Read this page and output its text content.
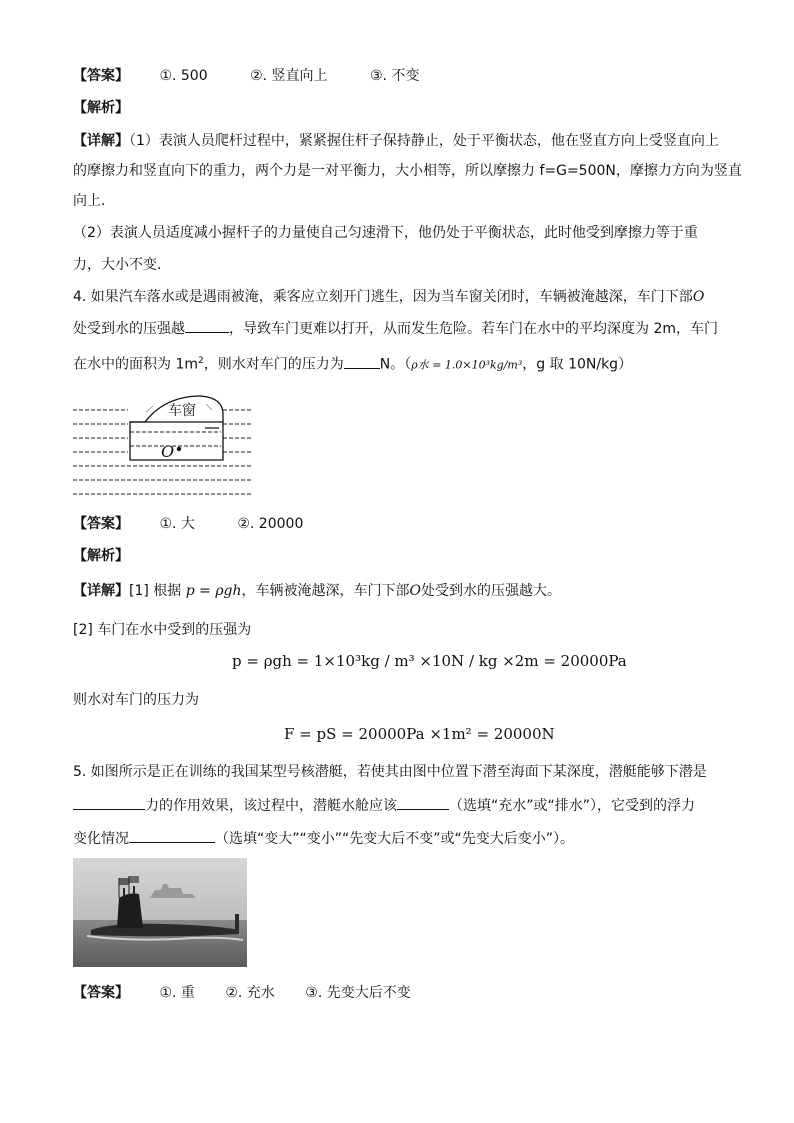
【答案】 ①. 500	②. 竖直向上	③. 不变
【解析】
【详解】（1）表演人员爬杆过程中，紧紧握住杆子保持静止，处于平衡状态，他在竖直方向上受竖直向上
的摩擦力和竖直向下的重力，两个力是一对平衡力，大小相等，所以摩擦力 f=G=500N，摩擦力方向为竖直
向上．
（2）表演人员适度减小握杆子的力量使自己匀速滑下，他仍处于平衡状态，此时他受到摩擦力等于重
力，大小不变．
4. 如果汽车落水或是遇雨被淹，乘客应立刻开门逃生，因为当车窗关闭时，车辆被淹越深，车门下部O
处受到水的压强越	，导致车门更难以打开，从而发生危险。若车门在水中的平均深度为 2m，车门
在水中的面积为 $1m^2$，则水对车门的压力为	N。（ρ水 = 1.0×10³kg/m³，g 取 10N/kg）
车窗
O
【答案】 ①. 大	②. 20000
【解析】
【详解】[1] 根据 p = ρgh，车辆被淹越深，车门下部O处受到水的压强越大。
[2] 车门在水中受到的压强为
p = ρgh = 1×10³kg / m³ ×10N / kg ×2m = 20000Pa
则水对车门的压力为
F = pS = 20000Pa ×1m² = 20000N
5. 如图所示是正在训练的我国某型号核潜艇，若使其由图中位置下潜至海面下某深度，潜艇能够下潜是
力的作用效果，该过程中，潜艇水舱应该	（选填“充水”或“排水”），它受到的浮力
变化情况	（选填“变大”“变小”“先变大后不变”或“先变大后变小”）。
【答案】 ①. 重 ②. 充水 ③. 先变大后不变
